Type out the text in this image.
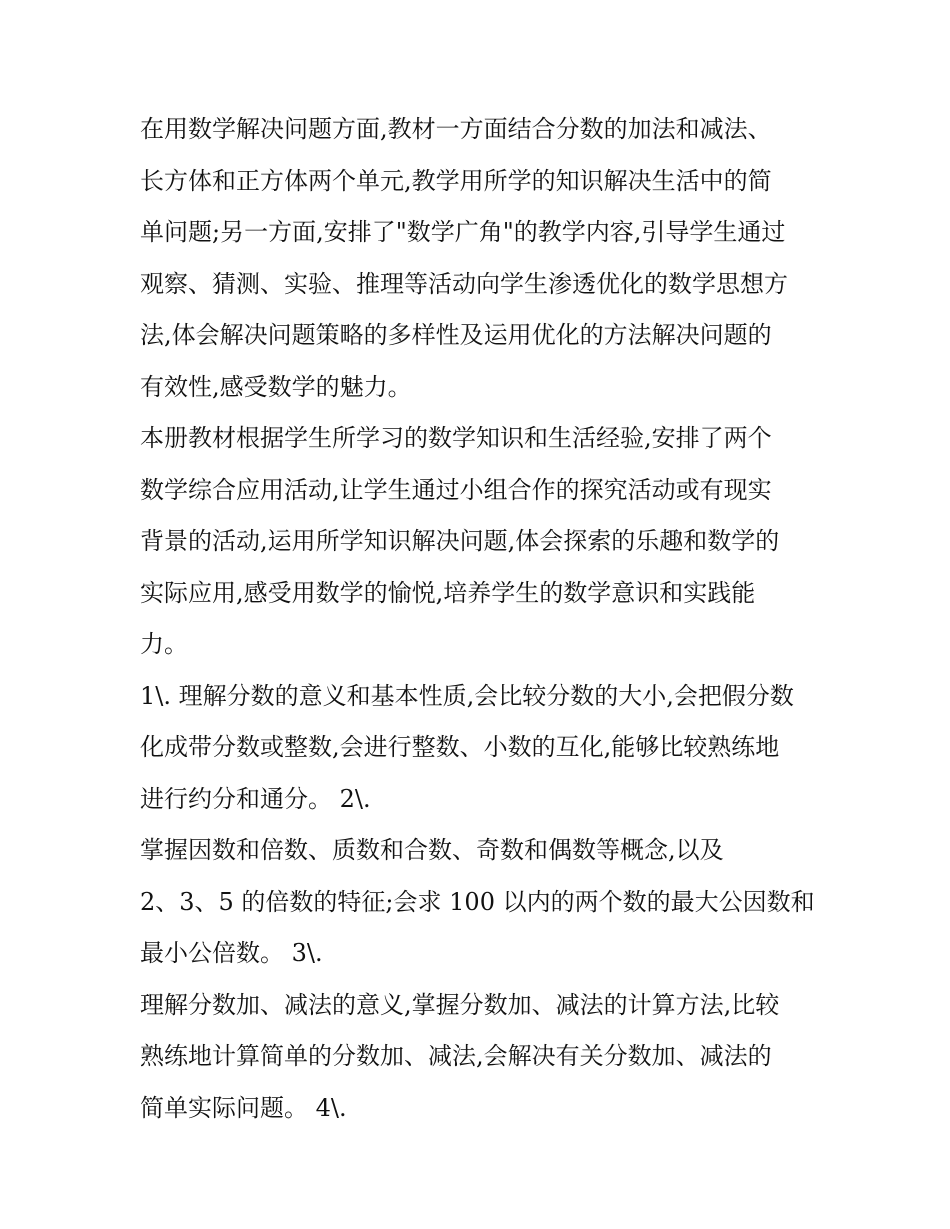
在用数学解决问题方面,教材一方面结合分数的加法和减法、
长方体和正方体两个单元,教学用所学的知识解决生活中的简
单问题;另一方面,安排了"数学广角"的教学内容,引导学生通过
观察、猜测、实验、推理等活动向学生渗透优化的数学思想方
法,体会解决问题策略的多样性及运用优化的方法解决问题的
有效性,感受数学的魅力。
本册教材根据学生所学习的数学知识和生活经验,安排了两个
数学综合应用活动,让学生通过小组合作的探究活动或有现实
背景的活动,运用所学知识解决问题,体会探索的乐趣和数学的
实际应用,感受用数学的愉悦,培养学生的数学意识和实践能
力。
1\. 理解分数的意义和基本性质,会比较分数的大小,会把假分数
化成带分数或整数,会进行整数、小数的互化,能够比较熟练地
进行约分和通分。 2\.
掌握因数和倍数、质数和合数、奇数和偶数等概念,以及
2、3、5 的倍数的特征;会求 100 以内的两个数的最大公因数和
最小公倍数。 3\.
理解分数加、减法的意义,掌握分数加、减法的计算方法,比较
熟练地计算简单的分数加、减法,会解决有关分数加、减法的
简单实际问题。 4\.
